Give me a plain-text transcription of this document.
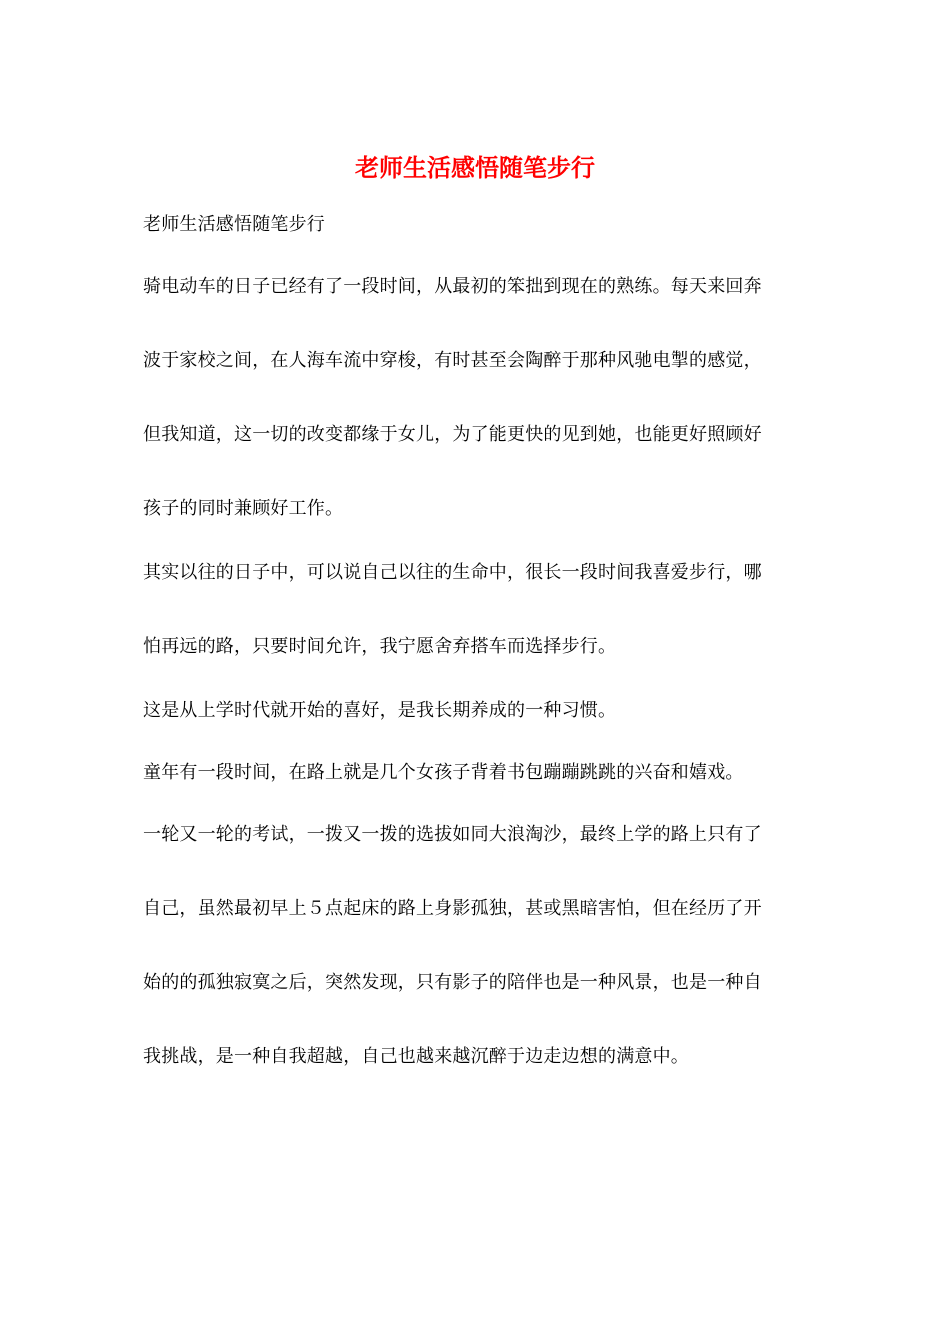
老师生活感悟随笔步行

老师生活感悟随笔步行

骑电动车的日子已经有了一段时间，从最初的笨拙到现在的熟练。每天来回奔

波于家校之间，在人海车流中穿梭，有时甚至会陶醉于那种风驰电掣的感觉，

但我知道，这一切的改变都缘于女儿，为了能更快的见到她，也能更好照顾好

孩子的同时兼顾好工作。

其实以往的日子中，可以说自己以往的生命中，很长一段时间我喜爱步行，哪

怕再远的路，只要时间允许，我宁愿舍弃搭车而选择步行。

这是从上学时代就开始的喜好，是我长期养成的一种习惯。

童年有一段时间，在路上就是几个女孩子背着书包蹦蹦跳跳的兴奋和嬉戏。

一轮又一轮的考试，一拨又一拨的选拔如同大浪淘沙，最终上学的路上只有了

自己，虽然最初早上５点起床的路上身影孤独，甚或黑暗害怕，但在经历了开

始的的孤独寂寞之后，突然发现，只有影子的陪伴也是一种风景，也是一种自

我挑战，是一种自我超越，自己也越来越沉醉于边走边想的满意中。
